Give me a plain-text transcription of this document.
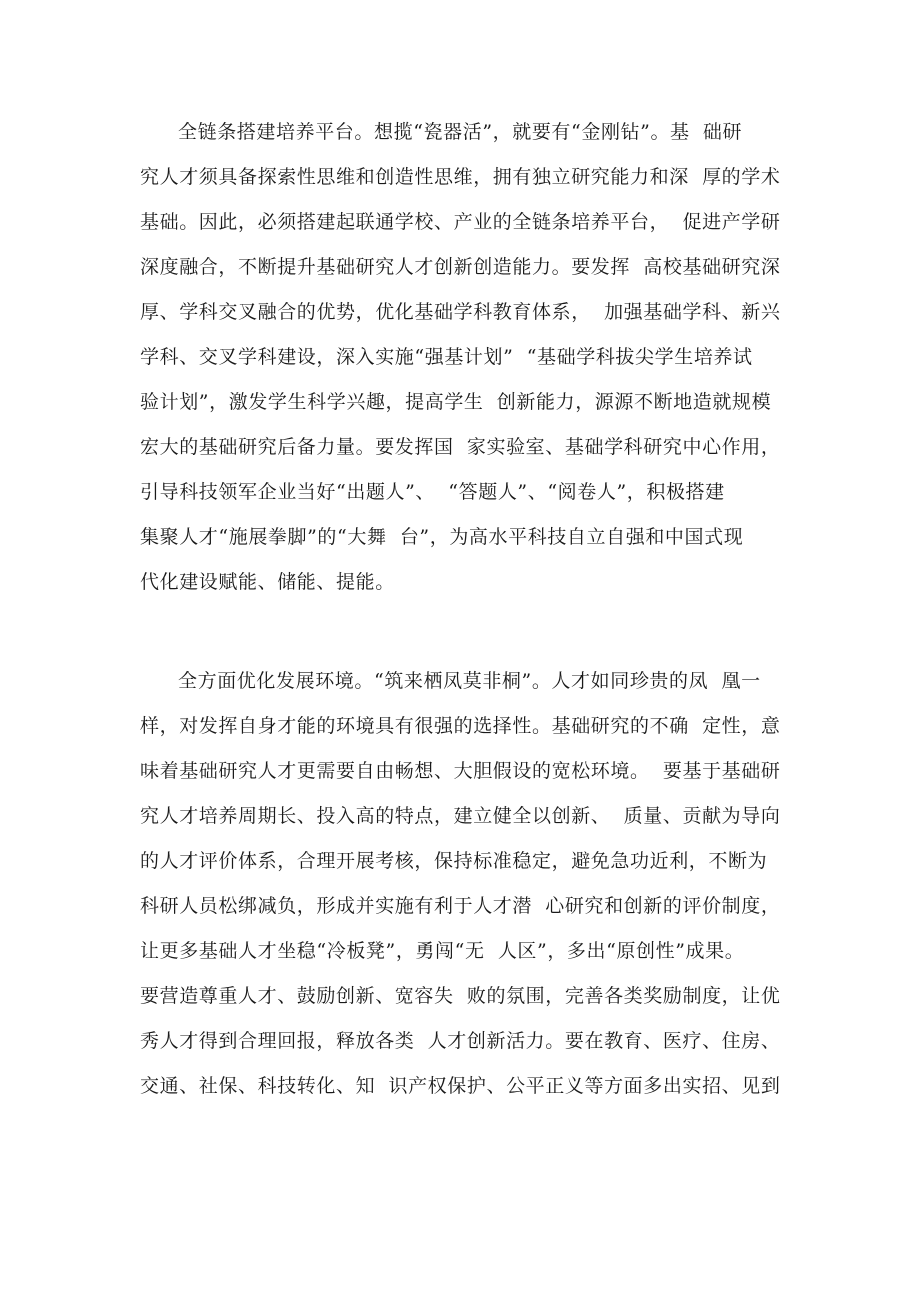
全链条搭建培养平台。想揽“瓷器活”，就要有“金刚钻”。基  础研
究人才须具备探索性思维和创造性思维，拥有独立研究能力和深  厚的学术
基础。因此，必须搭建起联通学校、产业的全链条培养平台，  促进产学研
深度融合，不断提升基础研究人才创新创造能力。要发挥  高校基础研究深
厚、学科交叉融合的优势，优化基础学科教育体系，  加强基础学科、新兴
学科、交叉学科建设，深入实施“强基计划”  “基础学科拔尖学生培养试
验计划”，激发学生科学兴趣，提高学生  创新能力，源源不断地造就规模
宏大的基础研究后备力量。要发挥国  家实验室、基础学科研究中心作用，
引导科技领军企业当好“出题人”、  “答题人”、“阅卷人”，积极搭建
集聚人才“施展拳脚”的“大舞  台”，为高水平科技自立自强和中国式现
代化建设赋能、储能、提能。
全方面优化发展环境。“筑来栖凤莫非桐”。人才如同珍贵的凤  凰一
样，对发挥自身才能的环境具有很强的选择性。基础研究的不确  定性，意
味着基础研究人才更需要自由畅想、大胆假设的宽松环境。  要基于基础研
究人才培养周期长、投入高的特点，建立健全以创新、  质量、贡献为导向
的人才评价体系，合理开展考核，保持标准稳定，避免急功近利，不断为
科研人员松绑减负，形成并实施有利于人才潜  心研究和创新的评价制度，
让更多基础人才坐稳“冷板凳”，勇闯“无  人区”，多出“原创性”成果。
要营造尊重人才、鼓励创新、宽容失  败的氛围，完善各类奖励制度，让优
秀人才得到合理回报，释放各类  人才创新活力。要在教育、医疗、住房、
交通、社保、科技转化、知  识产权保护、公平正义等方面多出实招、见到
